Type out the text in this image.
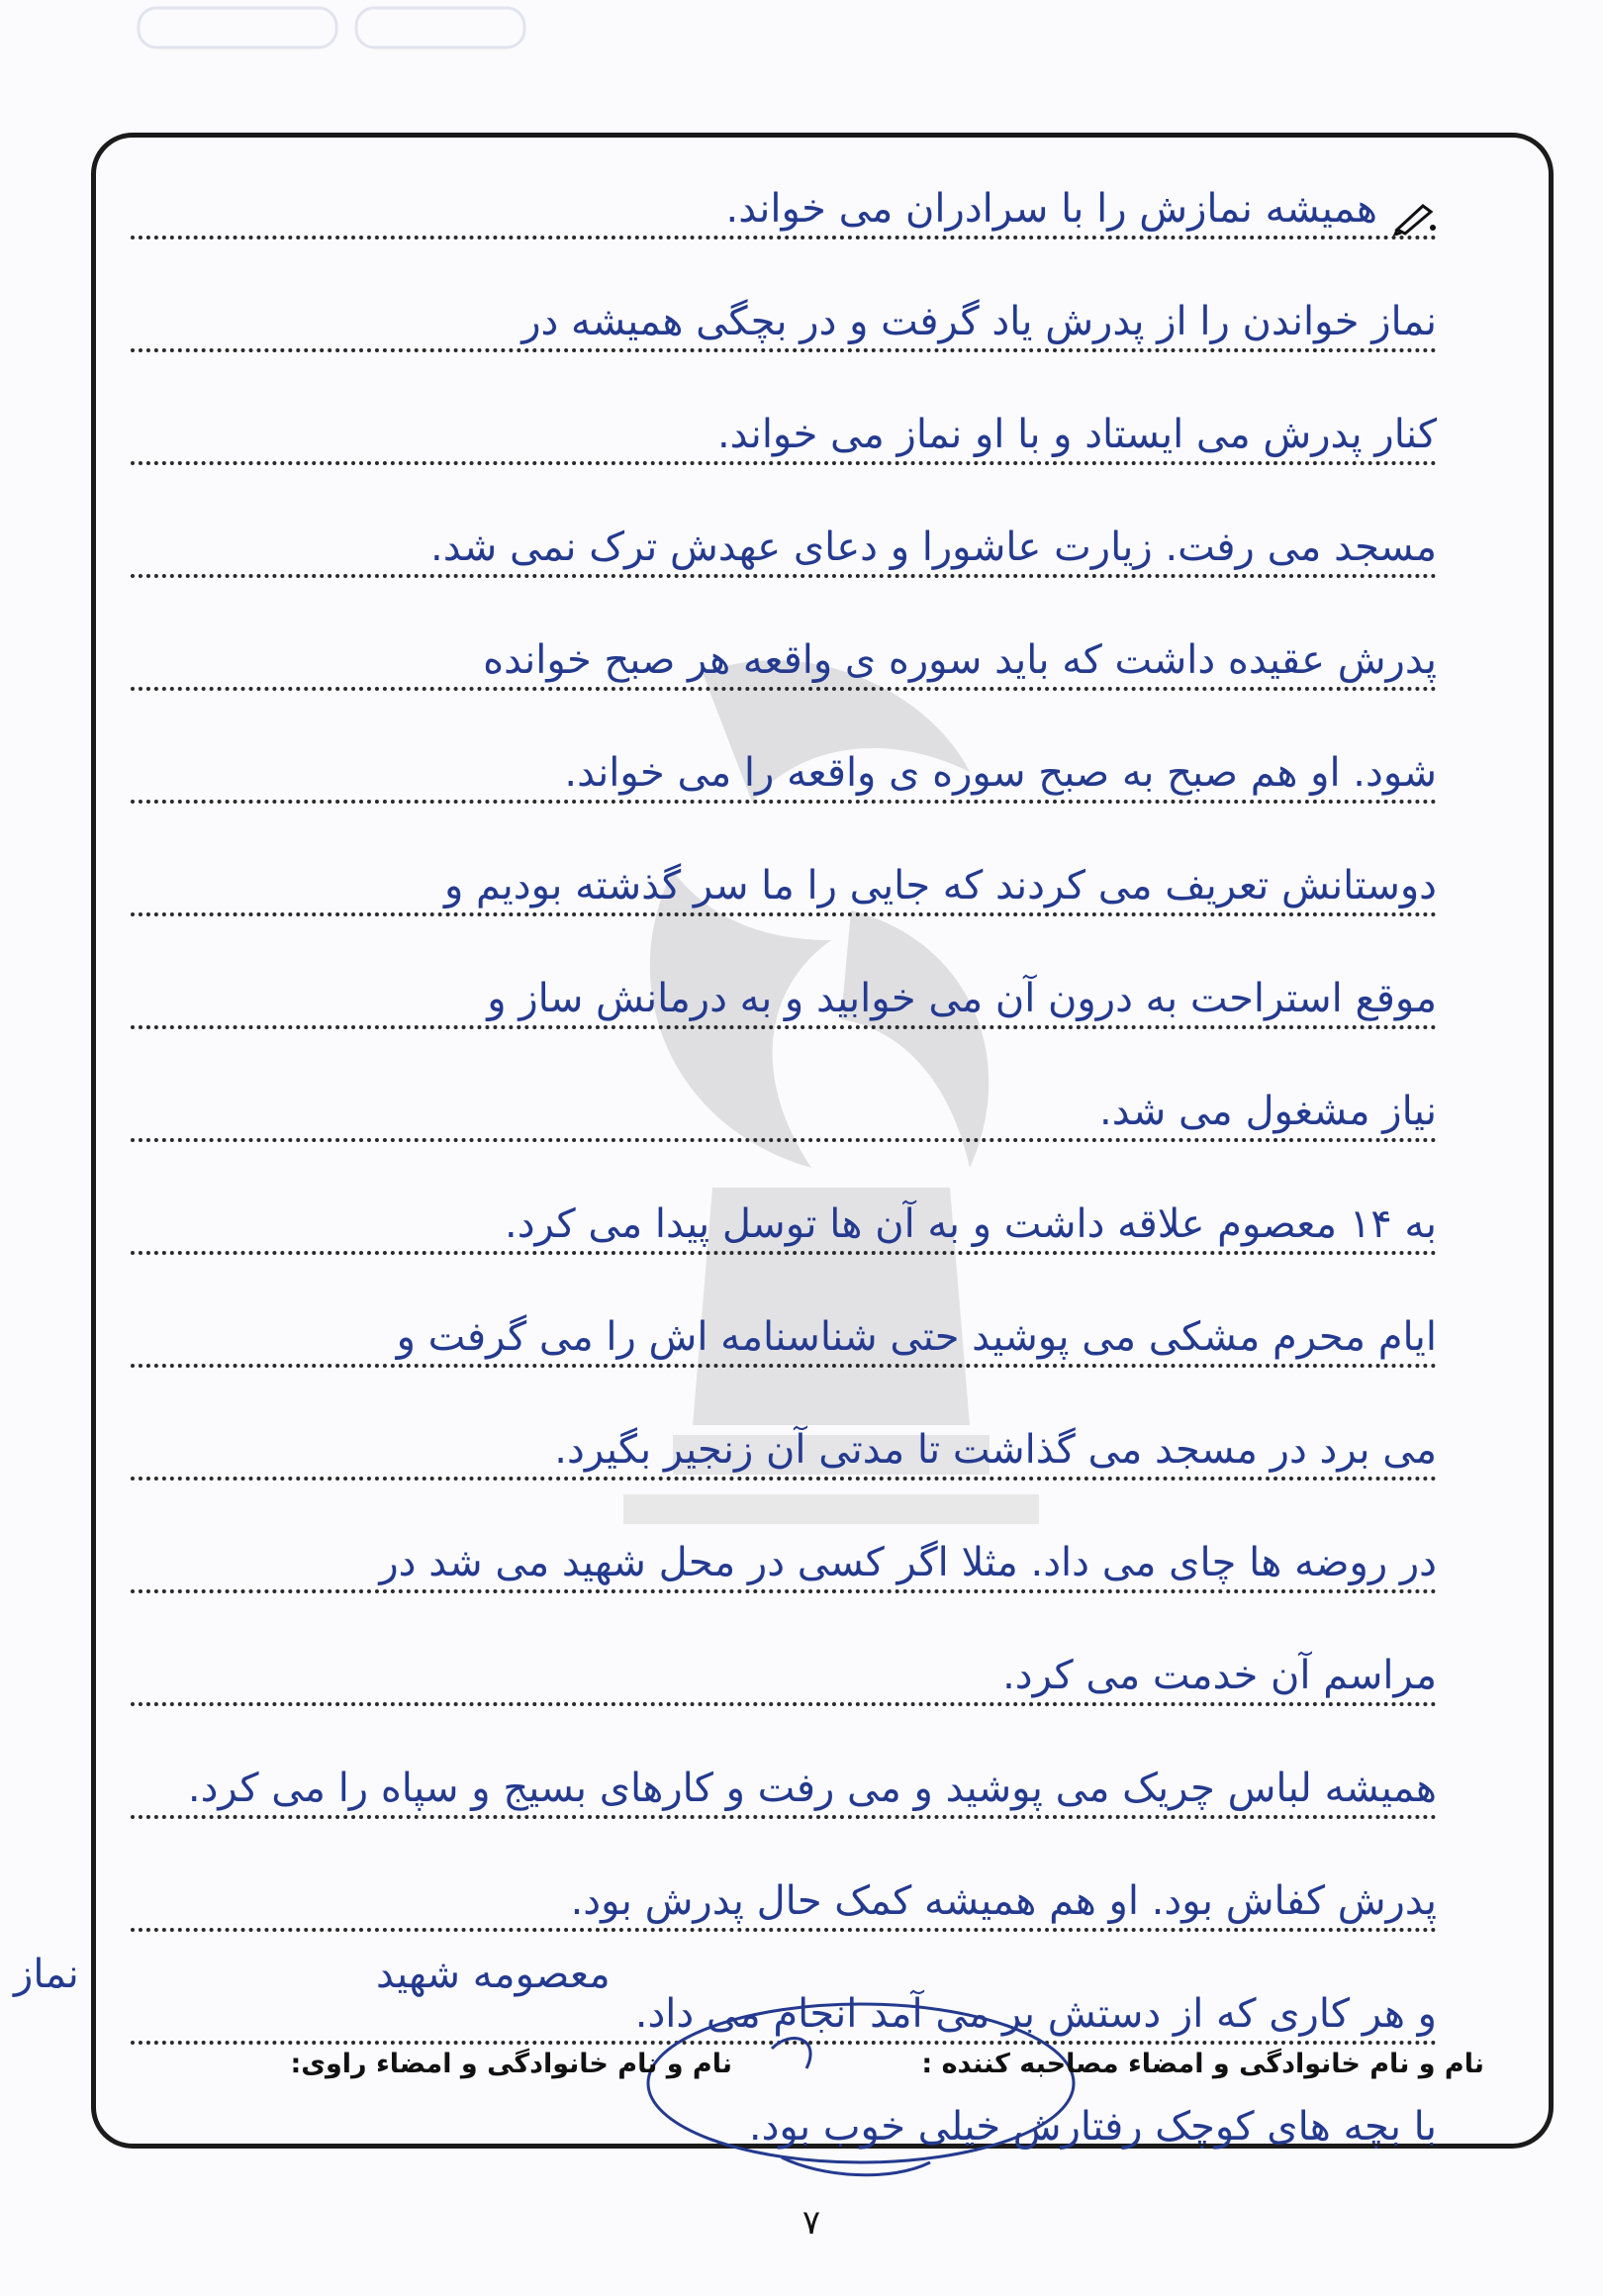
همیشه نمازش را با سرادران می خواند.
نماز خواندن را از پدرش یاد گرفت و در بچگی همیشه در
کنار پدرش می ایستاد و با او نماز می خواند.
مسجد می رفت. زیارت عاشورا و دعای عهدش ترک نمی شد.
پدرش عقیده داشت که باید سوره ی واقعه هر صبح خوانده
شود. او هم صبح به صبح سوره ی واقعه را می خواند.
دوستانش تعریف می کردند که جایی را ما سر گذشته بودیم و
موقع استراحت به درون آن می خوابید و به درمانش ساز و
نیاز مشغول می شد.
به ۱۴ معصوم علاقه داشت و به آن ها توسل پیدا می کرد.
ایام محرم مشکی می پوشید حتی شناسنامه اش را می گرفت و
می برد در مسجد می گذاشت تا مدتی آن زنجیر بگیرد.
در روضه ها چای می داد. مثلا اگر کسی در محل شهید می شد در
مراسم آن خدمت می کرد.
همیشه لباس چریک می پوشید و می رفت و کارهای بسیج و سپاه را می کرد.
پدرش کفاش بود. او هم همیشه کمک حال پدرش بود.
و هر کاری که از دستش بر می آمد انجام می داد.
با بچه های کوچک رفتارش خیلی خوب بود.
معصومه شهید
نماز
نام و نام خانوادگی و امضاء مصاحبه کننده :
نام و نام خانوادگی و امضاء راوی:
۷
